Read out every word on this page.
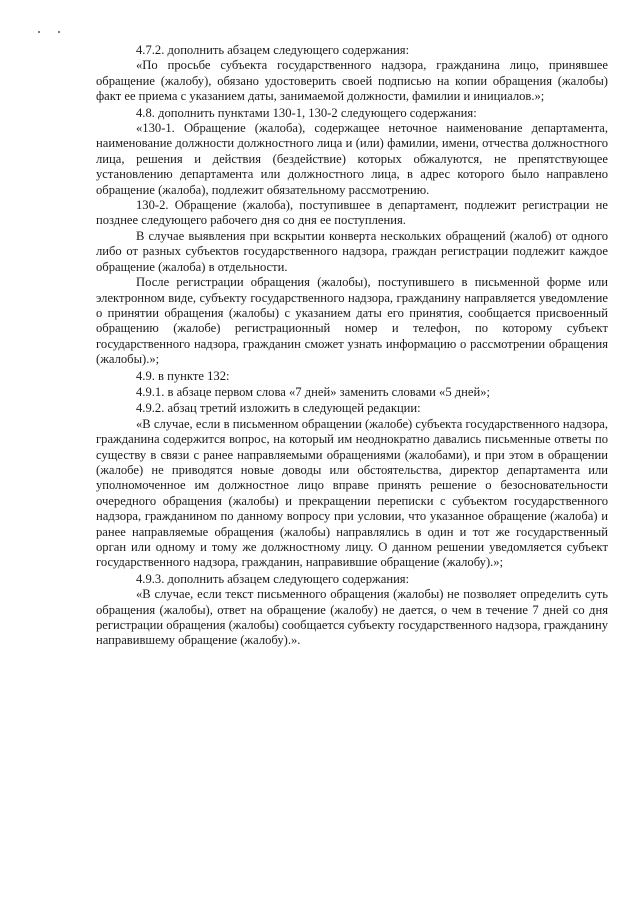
4.7.2. дополнить абзацем следующего содержания:

«По просьбе субъекта государственного надзора, гражданина лицо, принявшее обращение (жалобу), обязано удостоверить своей подписью на копии обращения (жалобы) факт ее приема с указанием даты, занимаемой должности, фамилии и инициалов.»;

4.8. дополнить пунктами 130-1, 130-2 следующего содержания:

«130-1. Обращение (жалоба), содержащее неточное наименование департамента, наименование должности должностного лица и (или) фамилии, имени, отчества должностного лица, решения и действия (бездействие) которых обжалуются, не препятствующее установлению департамента или должностного лица, в адрес которого было направлено обращение (жалоба), подлежит обязательному рассмотрению.

130-2. Обращение (жалоба), поступившее в департамент, подлежит регистрации не позднее следующего рабочего дня со дня ее поступления.

В случае выявления при вскрытии конверта нескольких обращений (жалоб) от одного либо от разных субъектов государственного надзора, граждан регистрации подлежит каждое обращение (жалоба) в отдельности.

После регистрации обращения (жалобы), поступившего в письменной форме или электронном виде, субъекту государственного надзора, гражданину направляется уведомление о принятии обращения (жалобы) с указанием даты его принятия, сообщается присвоенный обращению (жалобе) регистрационный номер и телефон, по которому субъект государственного надзора, гражданин сможет узнать информацию о рассмотрении обращения (жалобы).»;

4.9. в пункте 132:

4.9.1. в абзаце первом слова «7 дней» заменить словами «5 дней»;

4.9.2. абзац третий изложить в следующей редакции:

«В случае, если в письменном обращении (жалобе) субъекта государственного надзора, гражданина содержится вопрос, на который им неоднократно давались письменные ответы по существу в связи с ранее направляемыми обращениями (жалобами), и при этом в обращении (жалобе) не приводятся новые доводы или обстоятельства, директор департамента или уполномоченное им должностное лицо вправе принять решение о безосновательности очередного обращения (жалобы) и прекращении переписки с субъектом государственного надзора, гражданином по данному вопросу при условии, что указанное обращение (жалоба) и ранее направляемые обращения (жалобы) направлялись в один и тот же государственный орган или одному и тому же должностному лицу. О данном решении уведомляется субъект государственного надзора, гражданин, направившие обращение (жалобу).»;

4.9.3. дополнить абзацем следующего содержания:

«В случае, если текст письменного обращения (жалобы) не позволяет определить суть обращения (жалобы), ответ на обращение (жалобу) не дается, о чем в течение 7 дней со дня регистрации обращения (жалобы) сообщается субъекту государственного надзора, гражданину направившему обращение (жалобу).».
